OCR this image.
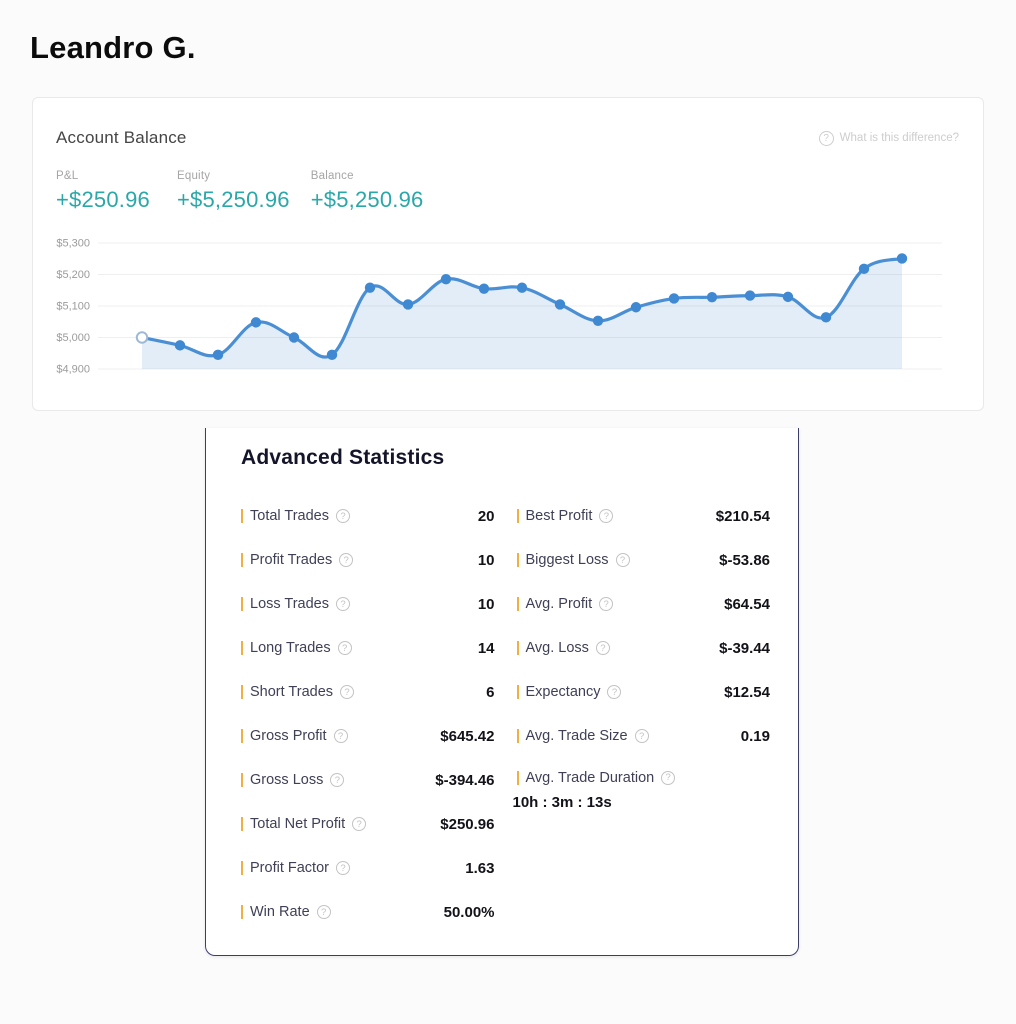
Leandro G.
Account Balance	? What is this difference?
P&L
+$250.96
Equity
+$5,250.96
Balance
+$5,250.96
$5,300
$5,200
$5,100
$5,000
$4,900
Advanced Statistics
Total Trades	?	20
Profit Trades	?	10
Loss Trades	?	10
Long Trades	?	14
Short Trades	?	6
Gross Profit	?	$645.42
Gross Loss	?	$-394.46
Total Net Profit	?	$250.96
Profit Factor	?	1.63
Win Rate	?	50.00%
Best Profit	?	$210.54
Biggest Loss	?	$-53.86
Avg. Profit	?	$64.54
Avg. Loss	?	$-39.44
Expectancy	?	$12.54
Avg. Trade Size	?	0.19
Avg. Trade Duration	?
10h : 3m : 13s
